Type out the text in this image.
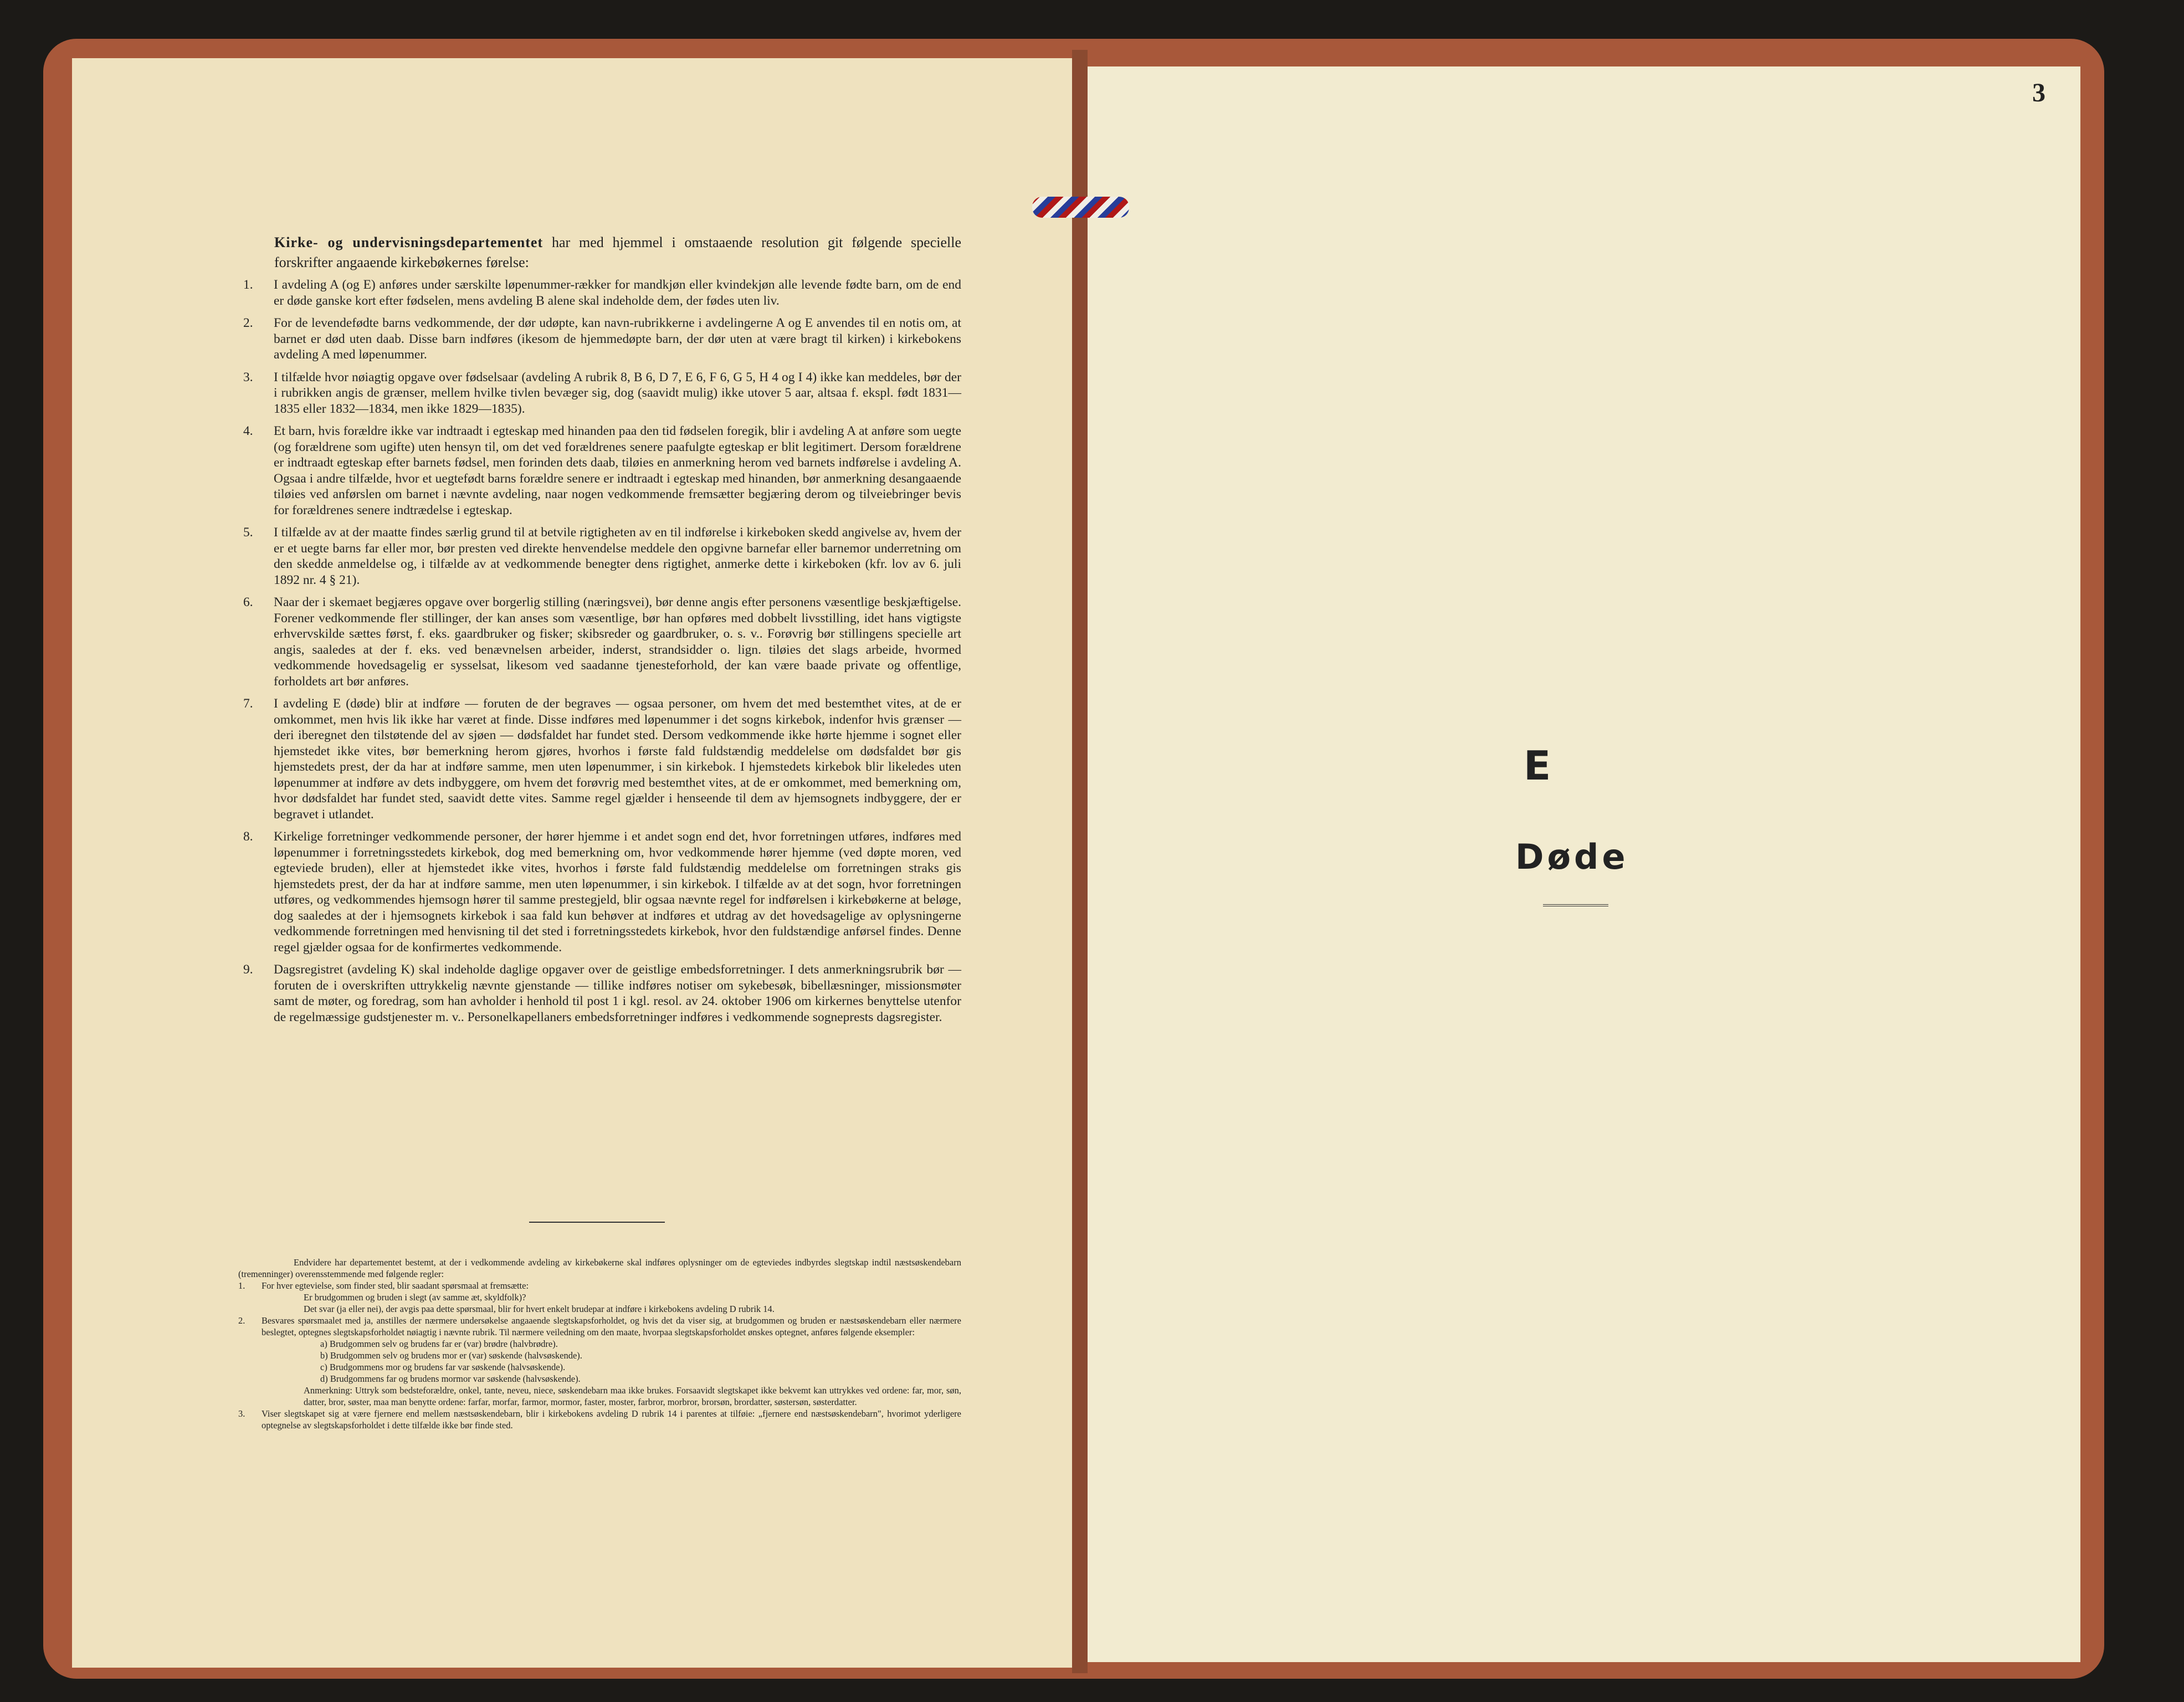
Kirke- og undervisningsdepartementet har med hjemmel i omstaaende resolution git følgende specielle forskrifter angaaende kirkebøkernes førelse:
1.	I avdeling A (og E) anføres under særskilte løpenummer-rækker for mandkjøn eller kvindekjøn alle levende fødte barn, om de end er døde ganske kort efter fødselen, mens avdeling B alene skal indeholde dem, der fødes uten liv.
2.	For de levendefødte barns vedkommende, der dør udøpte, kan navn-rubrikkerne i avdelingerne A og E anvendes til en notis om, at barnet er død uten daab. Disse barn indføres (ikesom de hjemmedøpte barn, der dør uten at være bragt til kirken) i kirkebokens avdeling A med løpenummer.
3.	I tilfælde hvor nøiagtig opgave over fødselsaar (avdeling A rubrik 8, B 6, D 7, E 6, F 6, G 5, H 4 og I 4) ikke kan meddeles, bør der i rubrikken angis de grænser, mellem hvilke tivlen bevæger sig, dog (saavidt mulig) ikke utover 5 aar, altsaa f. ekspl. født 1831—1835 eller 1832—1834, men ikke 1829—1835).
4.	Et barn, hvis forældre ikke var indtraadt i egteskap med hinanden paa den tid fødselen foregik, blir i avdeling A at anføre som uegte (og forældrene som ugifte) uten hensyn til, om det ved forældrenes senere paafulgte egteskap er blit legitimert. Dersom forældrene er indtraadt egteskap efter barnets fødsel, men forinden dets daab, tiløies en anmerkning herom ved barnets indførelse i avdeling A. Ogsaa i andre tilfælde, hvor et uegtefødt barns forældre senere er indtraadt i egteskap med hinanden, bør anmerkning desangaaende tiløies ved anførslen om barnet i nævnte avdeling, naar nogen vedkommende fremsætter begjæring derom og tilveiebringer bevis for forældrenes senere indtrædelse i egteskap.
5.	I tilfælde av at der maatte findes særlig grund til at betvile rigtigheten av en til indførelse i kirkeboken skedd angivelse av, hvem der er et uegte barns far eller mor, bør presten ved direkte henvendelse meddele den opgivne barnefar eller barnemor underretning om den skedde anmeldelse og, i tilfælde av at vedkommende benegter dens rigtighet, anmerke dette i kirkeboken (kfr. lov av 6. juli 1892 nr. 4 § 21).
6.	Naar der i skemaet begjæres opgave over borgerlig stilling (næringsvei), bør denne angis efter personens væsentlige beskjæftigelse. Forener vedkommende fler stillinger, der kan anses som væsentlige, bør han opføres med dobbelt livsstilling, idet hans vigtigste erhvervskilde sættes først, f. eks. gaardbruker og fisker; skibsreder og gaardbruker, o. s. v.. Forøvrig bør stillingens specielle art angis, saaledes at der f. eks. ved benævnelsen arbeider, inderst, strandsidder o. lign. tiløies det slags arbeide, hvormed vedkommende hovedsagelig er sysselsat, likesom ved saadanne tjenesteforhold, der kan være baade private og offentlige, forholdets art bør anføres.
7.	I avdeling E (døde) blir at indføre — foruten de der begraves — ogsaa personer, om hvem det med bestemthet vites, at de er omkommet, men hvis lik ikke har været at finde. Disse indføres med løpenummer i det sogns kirkebok, indenfor hvis grænser — deri iberegnet den tilstøtende del av sjøen — dødsfaldet har fundet sted. Dersom vedkommende ikke hørte hjemme i sognet eller hjemstedet ikke vites, bør bemerkning herom gjøres, hvorhos i første fald fuldstændig meddelelse om dødsfaldet bør gis hjemstedets prest, der da har at indføre samme, men uten løpenummer, i sin kirkebok. I hjemstedets kirkebok blir likeledes uten løpenummer at indføre av dets indbyggere, om hvem det forøvrig med bestemthet vites, at de er omkommet, med bemerkning om, hvor dødsfaldet har fundet sted, saavidt dette vites. Samme regel gjælder i henseende til dem av hjemsognets indbyggere, der er begravet i utlandet.
8.	Kirkelige forretninger vedkommende personer, der hører hjemme i et andet sogn end det, hvor forretningen utføres, indføres med løpenummer i forretningsstedets kirkebok, dog med bemerkning om, hvor vedkommende hører hjemme (ved døpte moren, ved egteviede bruden), eller at hjemstedet ikke vites, hvorhos i første fald fuldstændig meddelelse om forretningen straks gis hjemstedets prest, der da har at indføre samme, men uten løpenummer, i sin kirkebok. I tilfælde av at det sogn, hvor forretningen utføres, og vedkommendes hjemsogn hører til samme prestegjeld, blir ogsaa nævnte regel for indførelsen i kirkebøkerne at beløge, dog saaledes at der i hjemsognets kirkebok i saa fald kun behøver at indføres et utdrag av det hovedsagelige av oplysningerne vedkommende forretningen med henvisning til det sted i forretningsstedets kirkebok, hvor den fuldstændige anførsel findes. Denne regel gjælder ogsaa for de konfirmertes vedkommende.
9.	Dagsregistret (avdeling K) skal indeholde daglige opgaver over de geistlige embedsforretninger. I dets anmerkningsrubrik bør — foruten de i overskriften uttrykkelig nævnte gjenstande — tillike indføres notiser om sykebesøk, bibellæsninger, missionsmøter samt de møter, og foredrag, som han avholder i henhold til post 1 i kgl. resol. av 24. oktober 1906 om kirkernes benyttelse utenfor de regelmæssige gudstjenester m. v.. Personelkapellaners embedsforretninger indføres i vedkommende sogneprests dagsregister.

Endvidere har departementet bestemt, at der i vedkommende avdeling av kirkebøkerne skal indføres oplysninger om de egteviedes indbyrdes slegtskap indtil næstsøskendebarn (tremenninger) overensstemmende med følgende regler:

1.	For hver egtevielse, som finder sted, blir saadant spørsmaal at fremsætte:

Er brudgommen og bruden i slegt (av samme æt, skyldfolk)?

Det svar (ja eller nei), der avgis paa dette spørsmaal, blir for hvert enkelt brudepar at indføre i kirkebokens avdeling D rubrik 14.

2.	Besvares spørsmaalet med ja, anstilles der nærmere undersøkelse angaaende slegtskapsforholdet, og hvis det da viser sig, at brudgommen og bruden er næstsøskendebarn eller nærmere beslegtet, optegnes slegtskapsforholdet nøiagtig i nævnte rubrik. Til nærmere veiledning om den maate, hvorpaa slegtskapsforholdet ønskes optegnet, anføres følgende eksempler:
a) Brudgommen selv og brudens far er (var) brødre (halvbrødre).
b) Brudgommen selv og brudens mor er (var) søskende (halvsøskende).
c) Brudgommens mor og brudens far var søskende (halvsøskende).
d) Brudgommens far og brudens mormor var søskende (halvsøskende).

Anmerkning: Uttryk som bedsteforældre, onkel, tante, neveu, niece, søskendebarn maa ikke brukes. Forsaavidt slegtskapet ikke bekvemt kan uttrykkes ved ordene: far, mor, søn, datter, bror, søster, maa man benytte ordene: farfar, morfar, farmor, mormor, faster, moster, farbror, morbror, brorsøn, brordatter, søstersøn, søsterdatter.

3.	Viser slegtskapet sig at være fjernere end mellem næstsøskendebarn, blir i kirkebokens avdeling D rubrik 14 i parentes at tilføie: „fjernere end næstsøskendebarn", hvorimot yderligere optegnelse av slegtskapsforholdet i dette tilfælde ikke bør finde sted.
3
E
Døde
